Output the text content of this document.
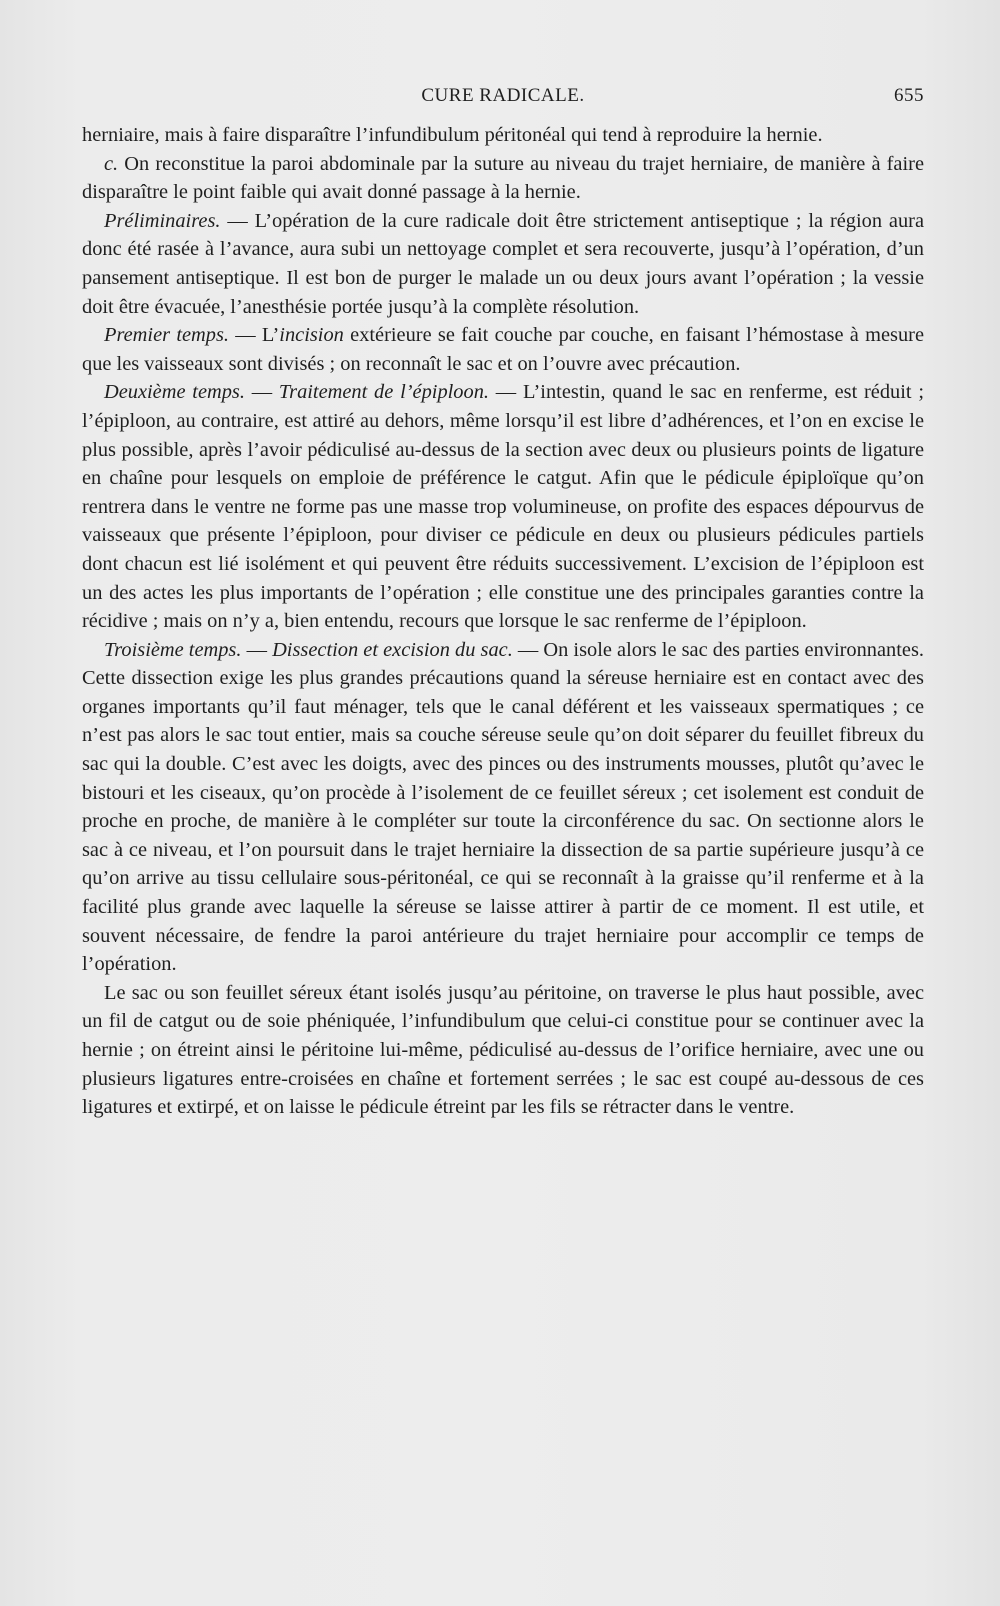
CURE RADICALE.	655

herniaire, mais à faire disparaître l’infundibulum péritonéal qui tend à reproduire la hernie.

c. On reconstitue la paroi abdominale par la suture au niveau du trajet herniaire, de manière à faire disparaître le point faible qui avait donné passage à la hernie.

Préliminaires. — L’opération de la cure radicale doit être strictement antiseptique ; la région aura donc été rasée à l’avance, aura subi un nettoyage complet et sera recouverte, jusqu’à l’opération, d’un pansement antiseptique. Il est bon de purger le malade un ou deux jours avant l’opération ; la vessie doit être évacuée, l’anesthésie portée jusqu’à la complète résolution.

Premier temps. — L’incision extérieure se fait couche par couche, en faisant l’hémostase à mesure que les vaisseaux sont divisés ; on reconnaît le sac et on l’ouvre avec précaution.

Deuxième temps. — Traitement de l’épiploon. — L’intestin, quand le sac en renferme, est réduit ; l’épiploon, au contraire, est attiré au dehors, même lorsqu’il est libre d’adhérences, et l’on en excise le plus possible, après l’avoir pédiculisé au-dessus de la section avec deux ou plusieurs points de ligature en chaîne pour lesquels on emploie de préférence le catgut. Afin que le pédicule épiploïque qu’on rentrera dans le ventre ne forme pas une masse trop volumineuse, on profite des espaces dépourvus de vaisseaux que présente l’épiploon, pour diviser ce pédicule en deux ou plusieurs pédicules partiels dont chacun est lié isolément et qui peuvent être réduits successivement. L’excision de l’épiploon est un des actes les plus importants de l’opération ; elle constitue une des principales garanties contre la récidive ; mais on n’y a, bien entendu, recours que lorsque le sac renferme de l’épiploon.

Troisième temps. — Dissection et excision du sac. — On isole alors le sac des parties environnantes. Cette dissection exige les plus grandes précautions quand la séreuse herniaire est en contact avec des organes importants qu’il faut ménager, tels que le canal déférent et les vaisseaux spermatiques ; ce n’est pas alors le sac tout entier, mais sa couche séreuse seule qu’on doit séparer du feuillet fibreux du sac qui la double. C’est avec les doigts, avec des pinces ou des instruments mousses, plutôt qu’avec le bistouri et les ciseaux, qu’on procède à l’isolement de ce feuillet séreux ; cet isolement est conduit de proche en proche, de manière à le compléter sur toute la circonférence du sac. On sectionne alors le sac à ce niveau, et l’on poursuit dans le trajet herniaire la dissection de sa partie supérieure jusqu’à ce qu’on arrive au tissu cellulaire sous-péritonéal, ce qui se reconnaît à la graisse qu’il renferme et à la facilité plus grande avec laquelle la séreuse se laisse attirer à partir de ce moment. Il est utile, et souvent nécessaire, de fendre la paroi antérieure du trajet herniaire pour accomplir ce temps de l’opération.

Le sac ou son feuillet séreux étant isolés jusqu’au péritoine, on traverse le plus haut possible, avec un fil de catgut ou de soie phéniquée, l’infundibulum que celui-ci constitue pour se continuer avec la hernie ; on étreint ainsi le péritoine lui-même, pédiculisé au-dessus de l’orifice herniaire, avec une ou plusieurs ligatures entre-croisées en chaîne et fortement serrées ; le sac est coupé au-dessous de ces ligatures et extirpé, et on laisse le pédicule étreint par les fils se rétracter dans le ventre.
